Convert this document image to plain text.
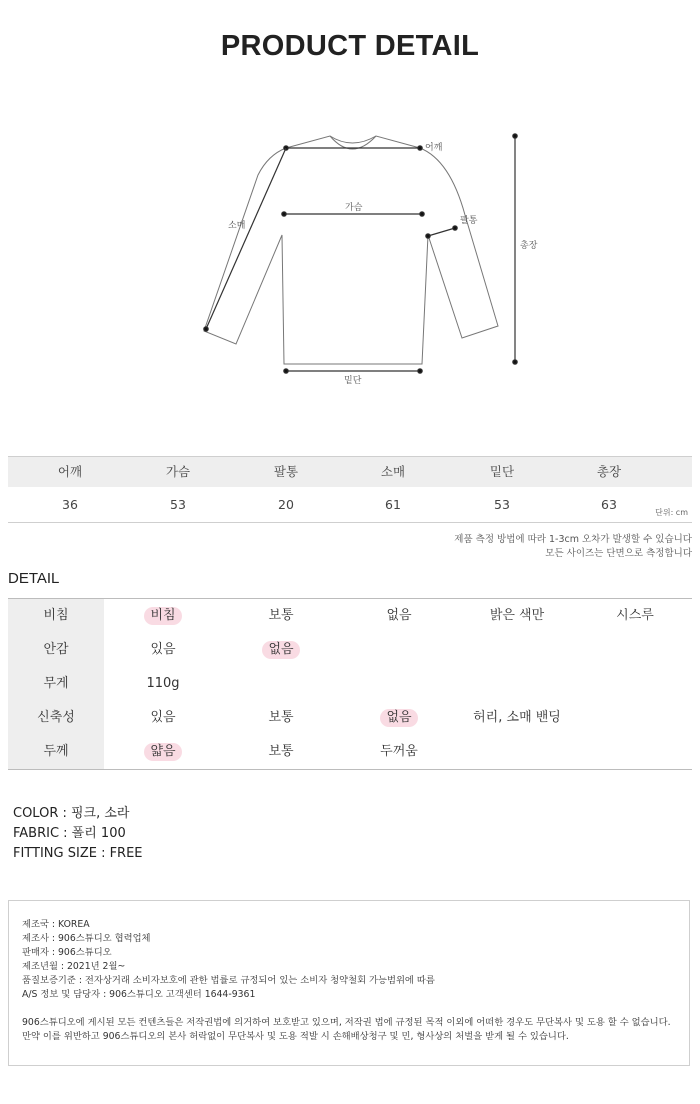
PRODUCT DETAIL
어깨
가슴
팔통
소매
밑단
총장
어깨	가슴	팔통	소매	밑단	총장
36	53	20	61	53	63
단위: cm
제품 측정 방법에 따라 1-3cm 오차가 발생할 수 있습니다
모든 사이즈는 단면으로 측정합니다
DETAIL
비침	비침	보통	없음	밝은 색만	시스루
안감	있음	없음
무게	110g
신축성	있음	보통	없음	허리, 소매 밴딩
두께	얇음	보통	두꺼움
COLOR : 핑크, 소라
FABRIC : 폴리 100
FITTING SIZE : FREE
제조국 : KOREA
제조사 : 906스튜디오 협력업체
판매자 : 906스튜디오
제조년월 : 2021년 2월~
품질보증기준 : 전자상거래 소비자보호에 관한 법률로 규정되어 있는 소비자 청약철회 가능범위에 따름
A/S 정보 및 담당자 : 906스튜디오 고객센터 1644-9361
906스튜디오에 게시된 모든 컨텐츠들은 저작권법에 의거하여 보호받고 있으며, 저작권 법에 규정된 목적 이외에 어떠한 경우도 무단복사 및 도용 할 수 없습니다.
만약 이를 위반하고 906스튜디오의 본사 허락없이 무단복사 및 도용 적발 시 손해배상청구 및 민, 형사상의 처벌을 받게 될 수 있습니다.
